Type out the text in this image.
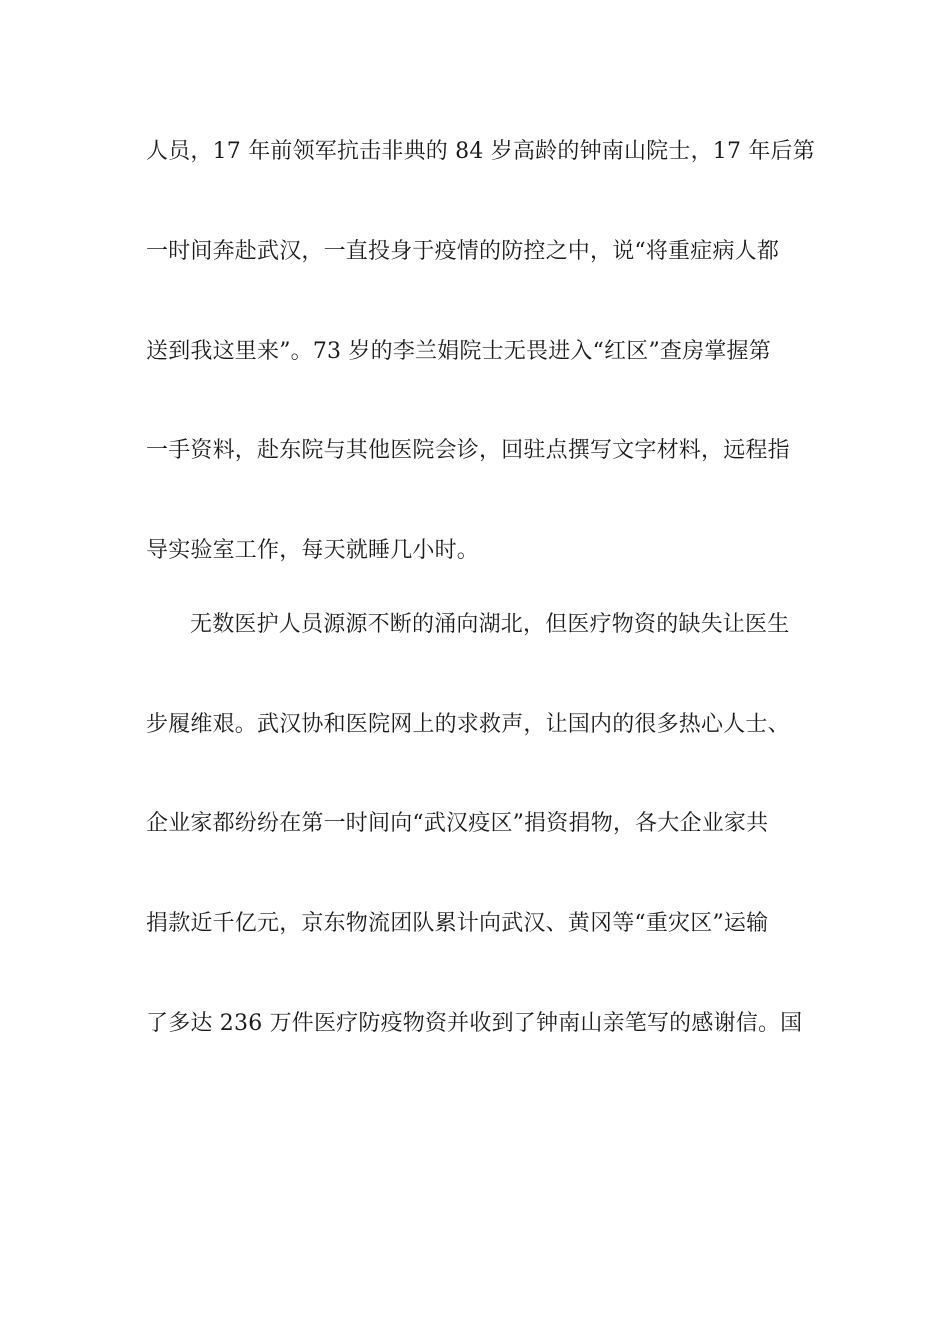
人员，17 年前领军抗击非典的 84 岁高龄的钟南山院士，17 年后第
一时间奔赴武汉，一直投身于疫情的防控之中，说“将重症病人都
送到我这里来”。73 岁的李兰娟院士无畏进入“红区”查房掌握第
一手资料，赴东院与其他医院会诊，回驻点撰写文字材料，远程指
导实验室工作，每天就睡几小时。
无数医护人员源源不断的涌向湖北，但医疗物资的缺失让医生
步履维艰。武汉协和医院网上的求救声，让国内的很多热心人士、
企业家都纷纷在第一时间向“武汉疫区”捐资捐物，各大企业家共
捐款近千亿元，京东物流团队累计向武汉、黄冈等“重灾区”运输
了多达 236 万件医疗防疫物资并收到了钟南山亲笔写的感谢信。国
